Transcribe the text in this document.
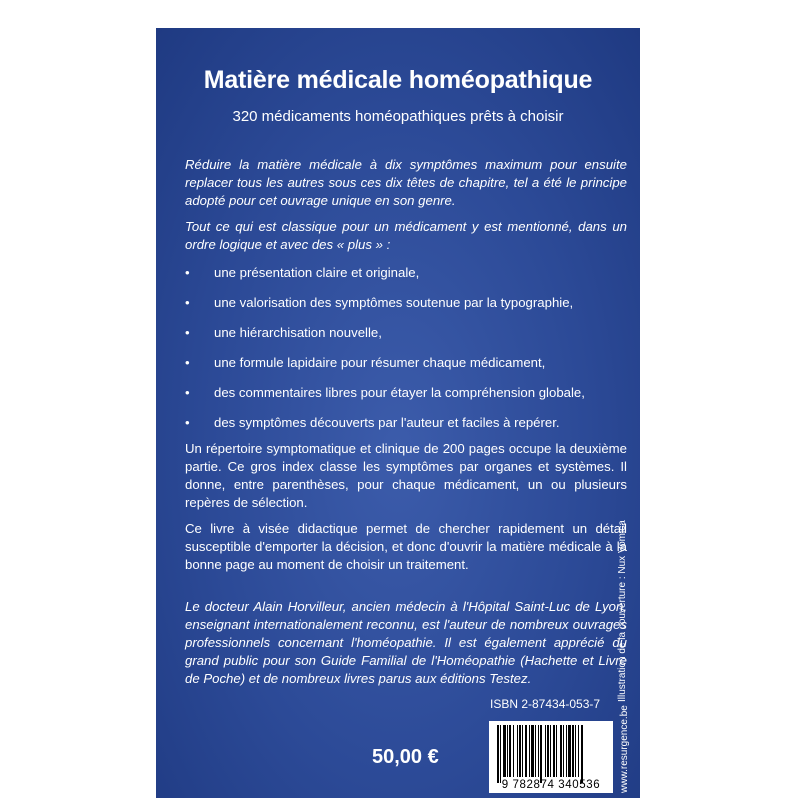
Matière médicale homéopathique
320 médicaments homéopathiques prêts à choisir
Réduire la matière médicale à dix symptômes maximum pour ensuite replacer tous les autres sous ces dix têtes de chapitre, tel a été le principe adopté pour cet ouvrage unique en son genre.
Tout ce qui est classique pour un médicament y est mentionné, dans un ordre logique et avec des « plus » :
• une présentation claire et originale,
• une valorisation des symptômes soutenue par la typographie,
• une hiérarchisation nouvelle,
• une formule lapidaire pour résumer chaque médicament,
• des commentaires libres pour étayer la compréhension globale,
• des symptômes découverts par l'auteur et faciles à repérer.
Un répertoire symptomatique et clinique de 200 pages occupe la deuxième partie. Ce gros index classe les symptômes par organes et systèmes. Il donne, entre parenthèses, pour chaque médicament, un ou plusieurs repères de sélection.
Ce livre à visée didactique permet de chercher rapidement un détail susceptible d'emporter la décision, et donc d'ouvrir la matière médicale à la bonne page au moment de choisir un traitement.
Le docteur Alain Horvilleur, ancien médecin à l'Hôpital Saint-Luc de Lyon, enseignant internationalement reconnu, est l'auteur de nombreux ouvrages professionnels concernant l'homéopathie. Il est également apprécié du grand public pour son Guide Familial de l'Homéopathie (Hachette et Livre de Poche) et de nombreux livres parus aux éditions Testez.
ISBN 2-87434-053-7
50,00 €
9 782874 340536	www.resurgence.be
Illustration de la couverture : Nux Vomica
